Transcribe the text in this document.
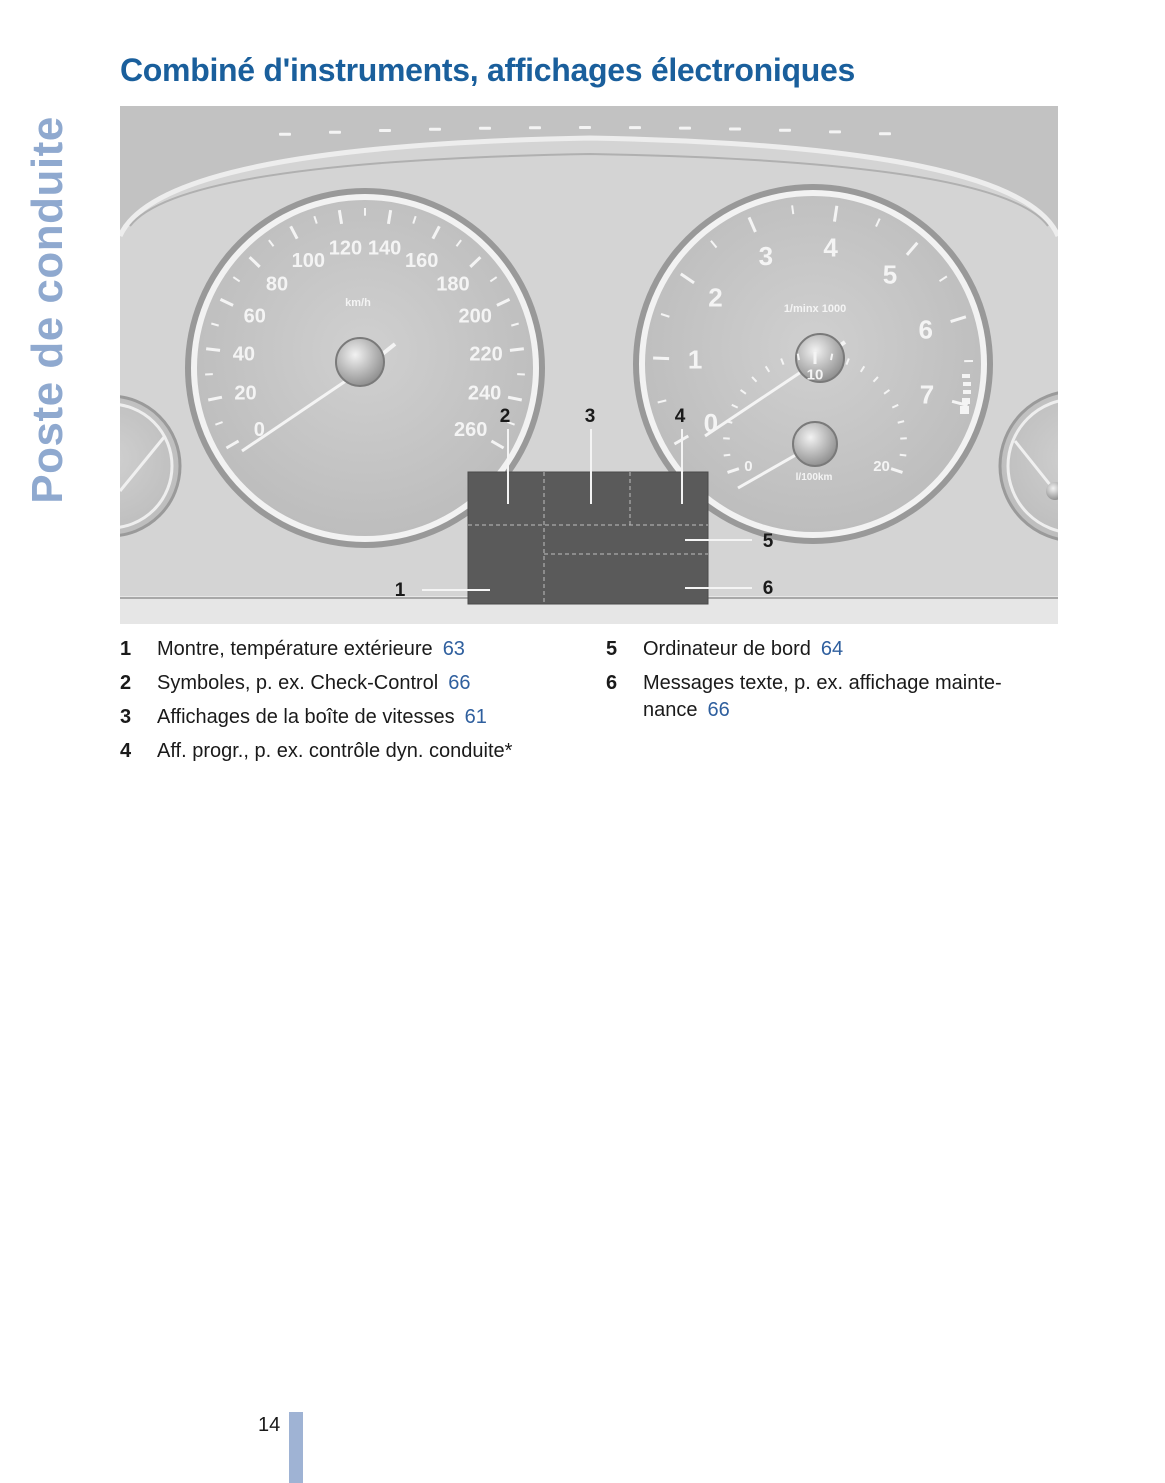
Poste de conduite
Combiné d'instruments, affichages électroniques
0
20
40
60
80
100
120 140
160
180
200
220
240
260
km/h
0
1
2
3 4
5
6
7
1/minx 1000
0
10
20
l/100km
1
2	3	4
5
6
1 Montre, température extérieure 63
2 Symboles, p. ex. Check-Control 66
3 Affichages de la boîte de vitesses 61
4 Aff. progr., p. ex. contrôle dyn. conduite*
5 Ordinateur de bord 64
6 Messages texte, p. ex. affichage mainte-
nance 66
14
